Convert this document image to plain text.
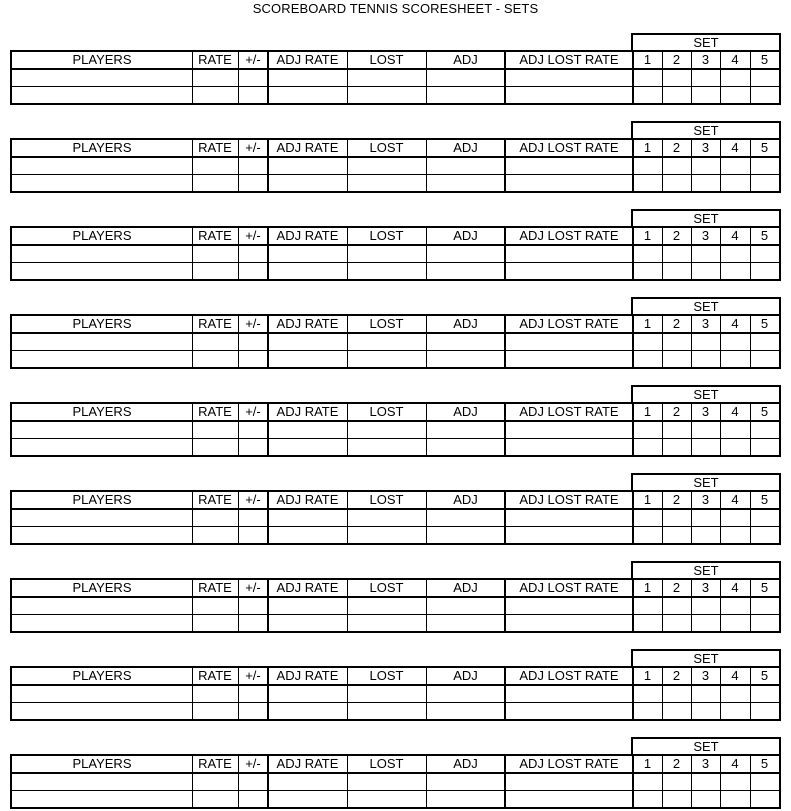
SCOREBOARD TENNIS SCORESHEET - SETS
SET
PLAYERS	RATE	+/-	ADJ RATE	LOST	ADJ	ADJ LOST RATE	1	2	3	4	5
SET
PLAYERS	RATE	+/-	ADJ RATE	LOST	ADJ	ADJ LOST RATE	1	2	3	4	5
SET
PLAYERS	RATE	+/-	ADJ RATE	LOST	ADJ	ADJ LOST RATE	1	2	3	4	5
SET
PLAYERS	RATE	+/-	ADJ RATE	LOST	ADJ	ADJ LOST RATE	1	2	3	4	5
SET
PLAYERS	RATE	+/-	ADJ RATE	LOST	ADJ	ADJ LOST RATE	1	2	3	4	5
SET
PLAYERS	RATE	+/-	ADJ RATE	LOST	ADJ	ADJ LOST RATE	1	2	3	4	5
SET
PLAYERS	RATE	+/-	ADJ RATE	LOST	ADJ	ADJ LOST RATE	1	2	3	4	5
SET
PLAYERS	RATE	+/-	ADJ RATE	LOST	ADJ	ADJ LOST RATE	1	2	3	4	5
SET
PLAYERS	RATE	+/-	ADJ RATE	LOST	ADJ	ADJ LOST RATE	1	2	3	4	5
